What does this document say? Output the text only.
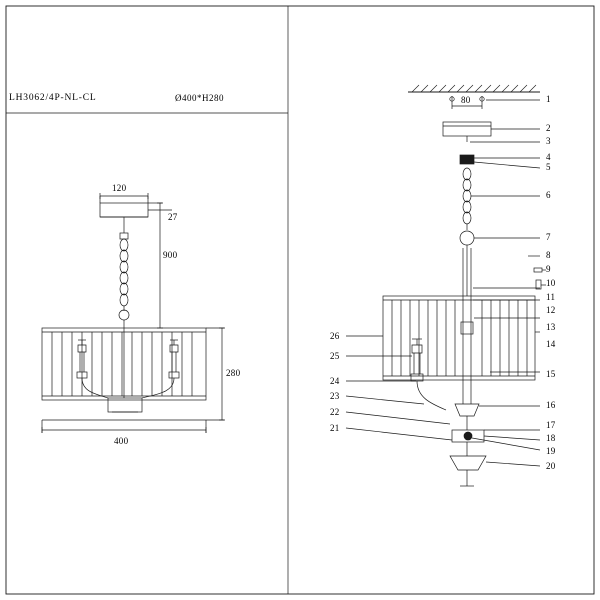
LH3062/4P-NL-CL	Ø400*H280
120
27
900
280
400
80	1
2
3
4
5
6
7
8
9
10
11
12
13
14
15
16
17
18
19
20
21
22
23
24
25
26
